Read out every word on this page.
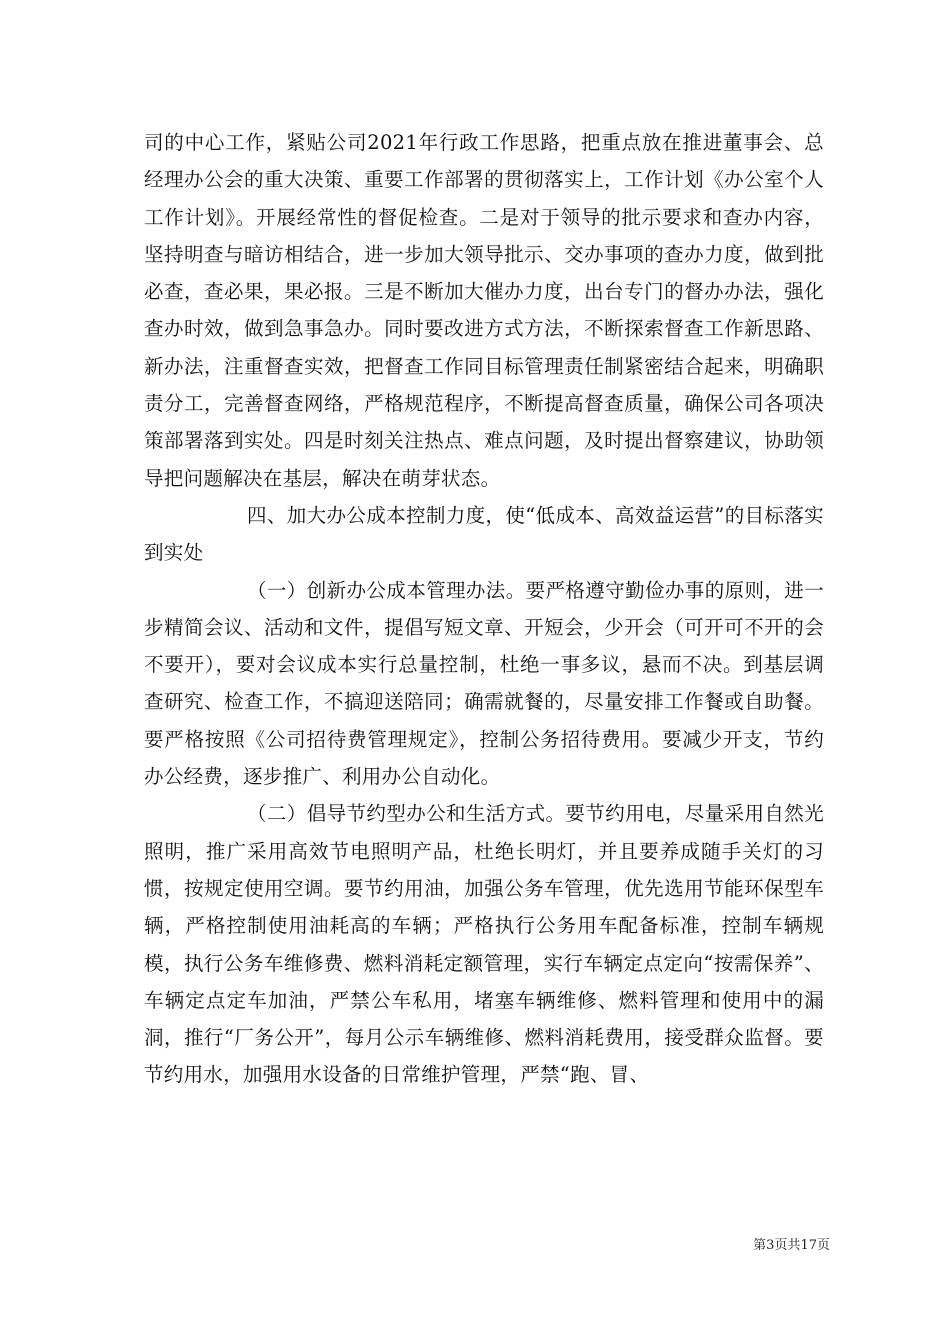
司的中心工作，紧贴公司2021年行政工作思路，把重点放在推进董事会、总经理办公会的重大决策、重要工作部署的贯彻落实上，工作计划《办公室个人工作计划》。开展经常性的督促检查。二是对于领导的批示要求和查办内容，坚持明查与暗访相结合，进一步加大领导批示、交办事项的查办力度，做到批必查，查必果，果必报。三是不断加大催办力度，出台专门的督办办法，强化查办时效，做到急事急办。同时要改进方式方法，不断探索督查工作新思路、新办法，注重督查实效，把督查工作同目标管理责任制紧密结合起来，明确职责分工，完善督查网络，严格规范程序，不断提高督查质量，确保公司各项决策部署落到实处。四是时刻关注热点、难点问题，及时提出督察建议，协助领导把问题解决在基层，解决在萌芽状态。

四、加大办公成本控制力度，使“低成本、高效益运营”的目标落实到实处

（一）创新办公成本管理办法。要严格遵守勤俭办事的原则，进一步精简会议、活动和文件，提倡写短文章、开短会，少开会（可开可不开的会不要开），要对会议成本实行总量控制，杜绝一事多议，悬而不决。到基层调查研究、检查工作，不搞迎送陪同；确需就餐的，尽量安排工作餐或自助餐。要严格按照《公司招待费管理规定》，控制公务招待费用。要减少开支，节约办公经费，逐步推广、利用办公自动化。

（二）倡导节约型办公和生活方式。要节约用电，尽量采用自然光照明，推广采用高效节电照明产品，杜绝长明灯，并且要养成随手关灯的习惯，按规定使用空调。要节约用油，加强公务车管理，优先选用节能环保型车辆，严格控制使用油耗高的车辆；严格执行公务用车配备标准，控制车辆规模，执行公务车维修费、燃料消耗定额管理，实行车辆定点定向“按需保养”、车辆定点定车加油，严禁公车私用，堵塞车辆维修、燃料管理和使用中的漏洞，推行“厂务公开”，每月公示车辆维修、燃料消耗费用，接受群众监督。要节约用水，加强用水设备的日常维护管理，严禁“跑、冒、

第3页共17页
